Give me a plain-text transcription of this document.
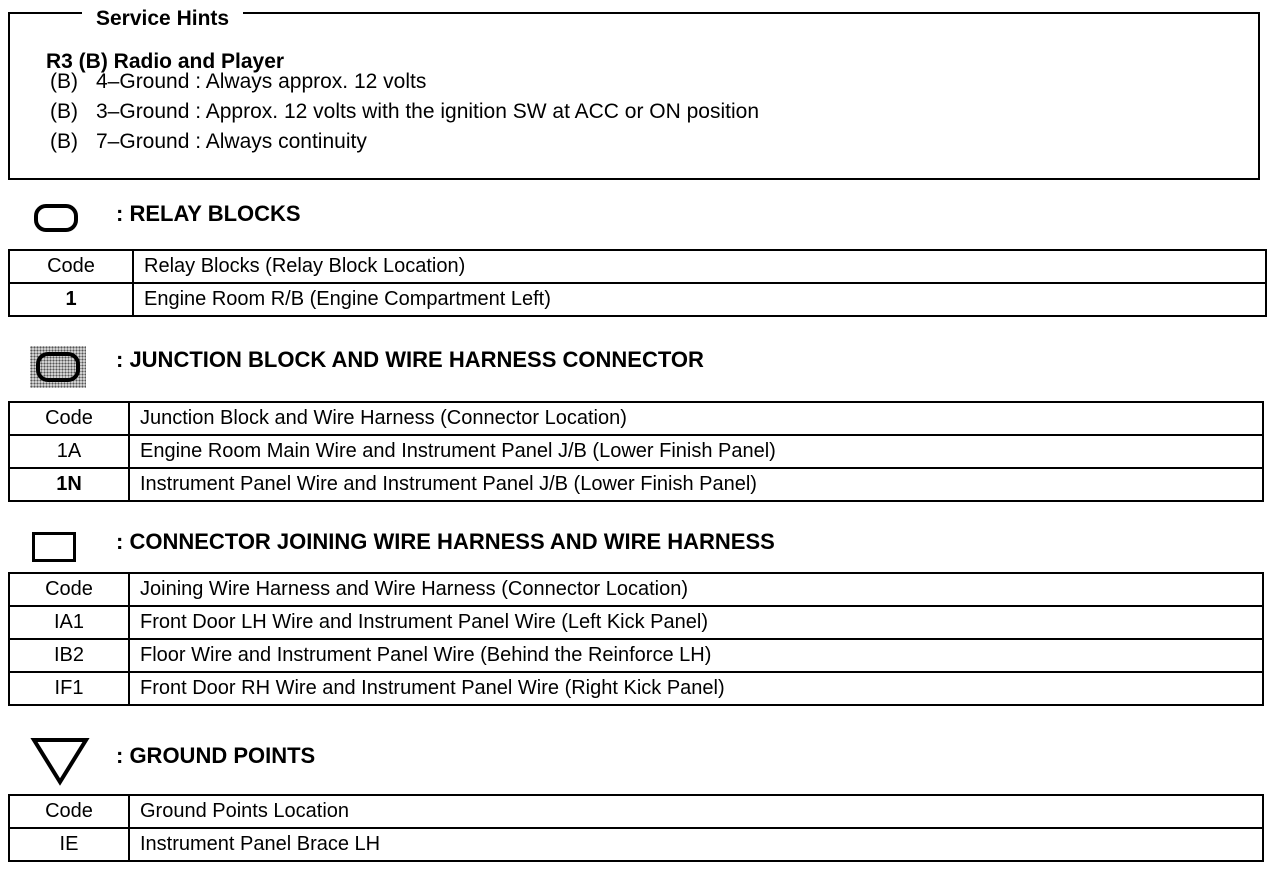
Service Hints
R3 (B) Radio and Player
(B) 4–Ground : Always approx. 12 volts
(B) 3–Ground : Approx. 12 volts with the ignition SW at ACC or ON position
(B) 7–Ground : Always continuity
: RELAY BLOCKS
Code	Relay Blocks (Relay Block Location)
1	Engine Room R/B (Engine Compartment Left)
: JUNCTION BLOCK AND WIRE HARNESS CONNECTOR
Code	Junction Block and Wire Harness (Connector Location)
1A	Engine Room Main Wire and Instrument Panel J/B (Lower Finish Panel)
1N	Instrument Panel Wire and Instrument Panel J/B (Lower Finish Panel)
: CONNECTOR JOINING WIRE HARNESS AND WIRE HARNESS
Code	Joining Wire Harness and Wire Harness (Connector Location)
IA1	Front Door LH Wire and Instrument Panel Wire (Left Kick Panel)
IB2	Floor Wire and Instrument Panel Wire (Behind the Reinforce LH)
IF1	Front Door RH Wire and Instrument Panel Wire (Right Kick Panel)
: GROUND POINTS
Code	Ground Points Location
IE	Instrument Panel Brace LH
